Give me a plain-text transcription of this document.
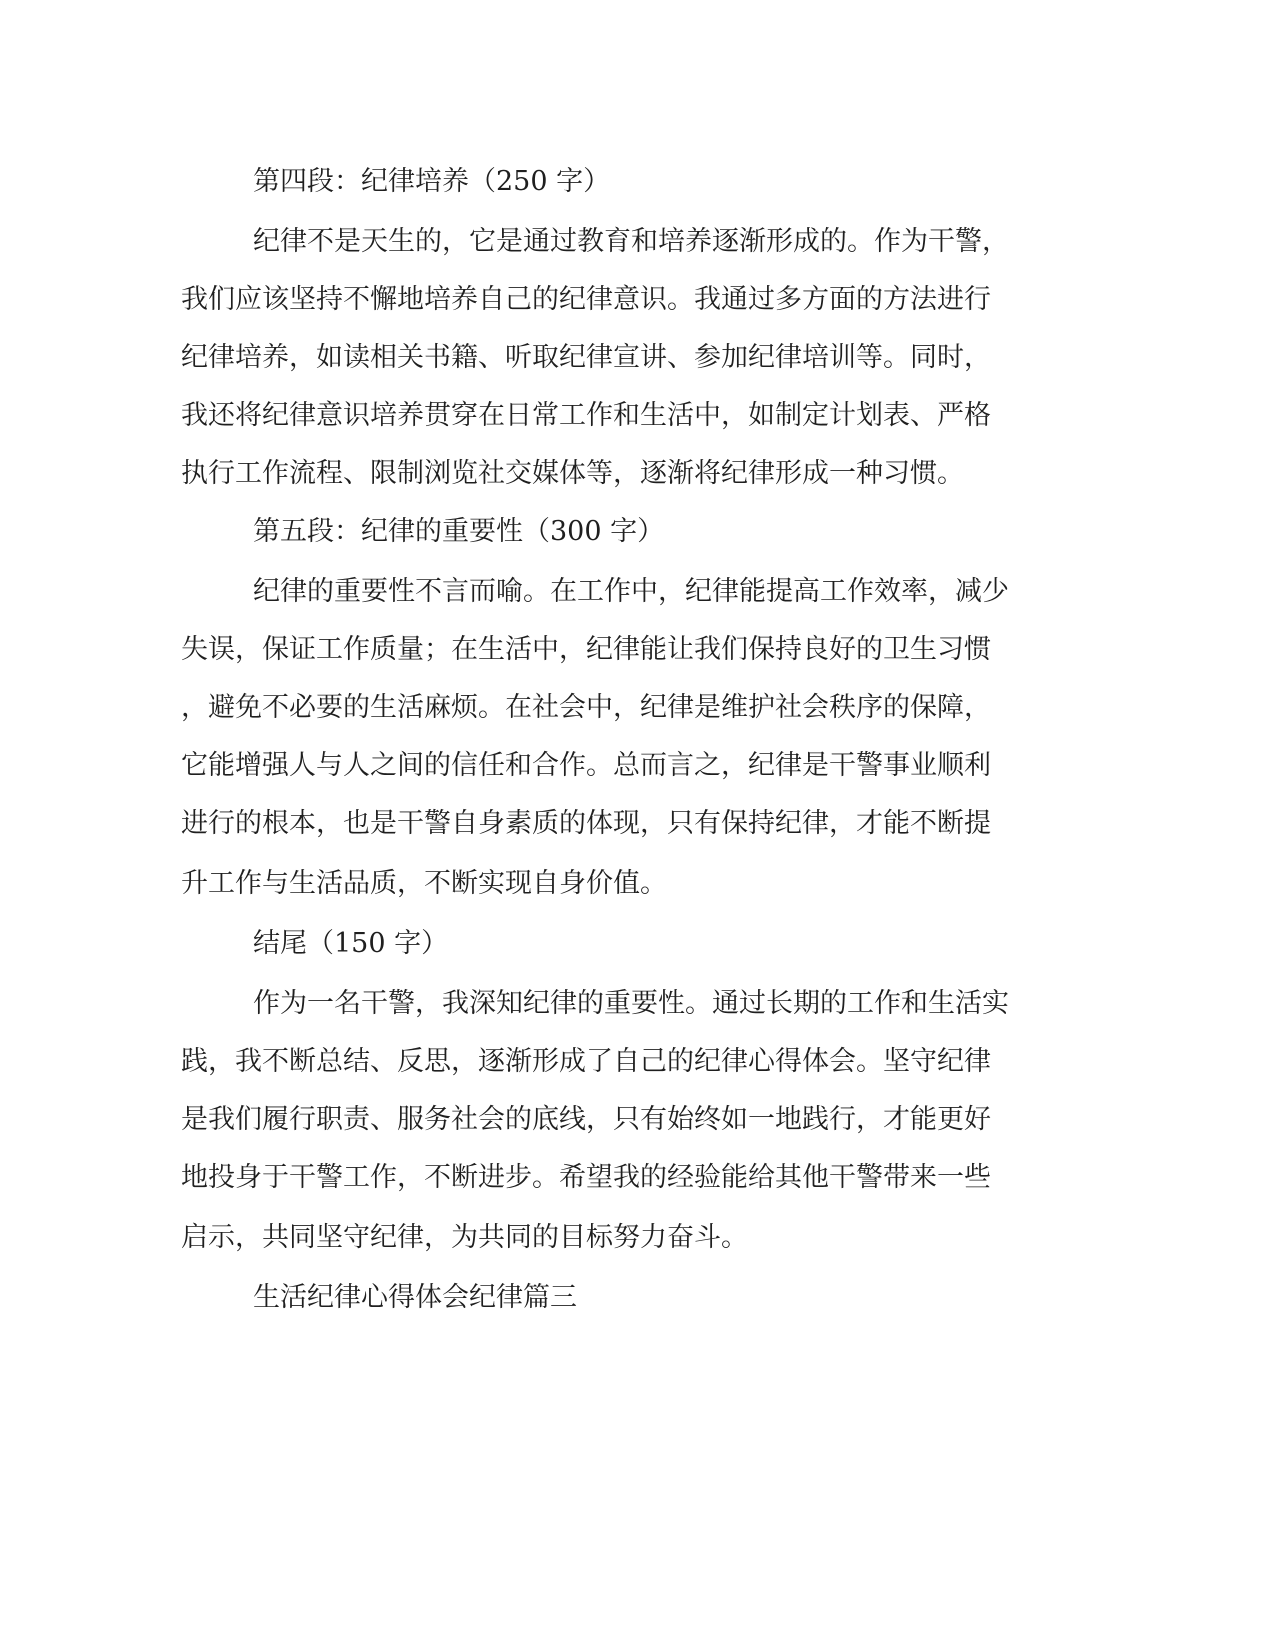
第四段：纪律培养（250 字）
纪律不是天生的，它是通过教育和培养逐渐形成的。作为干警，
我们应该坚持不懈地培养自己的纪律意识。我通过多方面的方法进行
纪律培养，如读相关书籍、听取纪律宣讲、参加纪律培训等。同时，
我还将纪律意识培养贯穿在日常工作和生活中，如制定计划表、严格
执行工作流程、限制浏览社交媒体等，逐渐将纪律形成一种习惯。
第五段：纪律的重要性（300 字）
纪律的重要性不言而喻。在工作中，纪律能提高工作效率，减少
失误，保证工作质量；在生活中，纪律能让我们保持良好的卫生习惯
，避免不必要的生活麻烦。在社会中，纪律是维护社会秩序的保障，
它能增强人与人之间的信任和合作。总而言之，纪律是干警事业顺利
进行的根本，也是干警自身素质的体现，只有保持纪律，才能不断提
升工作与生活品质，不断实现自身价值。
结尾（150 字）
作为一名干警，我深知纪律的重要性。通过长期的工作和生活实
践，我不断总结、反思，逐渐形成了自己的纪律心得体会。坚守纪律
是我们履行职责、服务社会的底线，只有始终如一地践行，才能更好
地投身于干警工作，不断进步。希望我的经验能给其他干警带来一些
启示，共同坚守纪律，为共同的目标努力奋斗。
生活纪律心得体会纪律篇三
